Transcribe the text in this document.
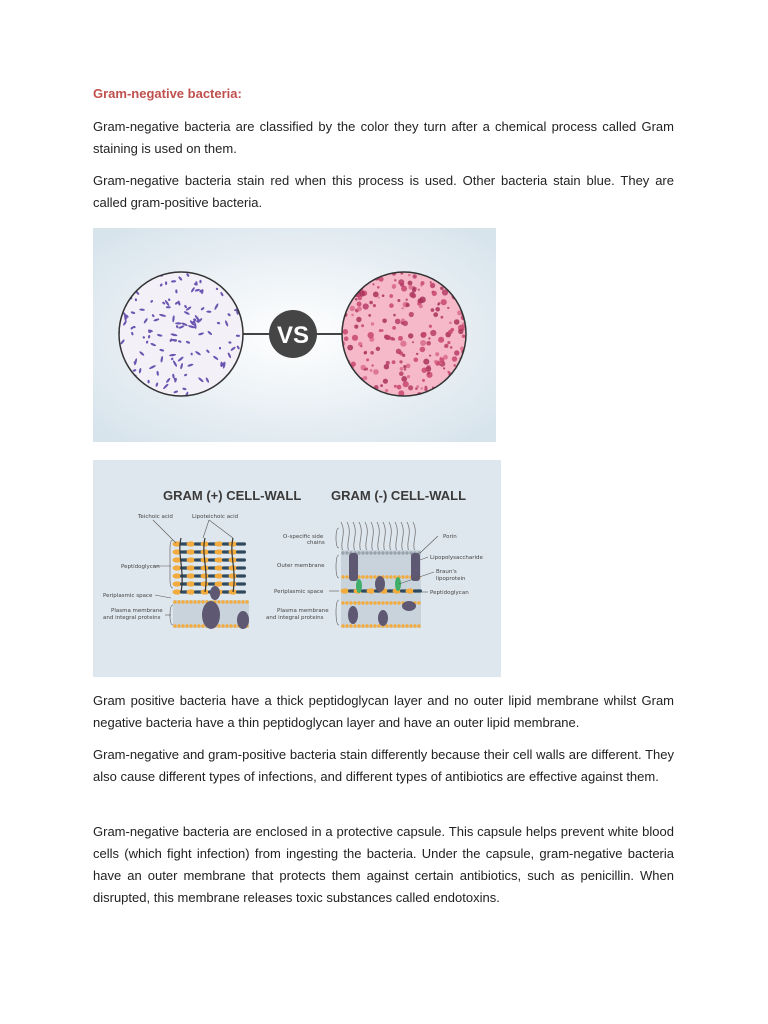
Gram-negative bacteria:

Gram-negative bacteria are classified by the color they turn after a chemical process called Gram staining is used on them.

Gram-negative bacteria stain red when this process is used. Other bacteria stain blue. They are called gram-positive bacteria.

VS
GRAM (+) CELL-WALL GRAM (-) CELL-WALL
Teichoic acid	Lipoteichoic acid
Peptidoglycan
Periplasmic space
Plasma membrane
and integral proteins
O-specific side
chains
Outer membrane
Periplasmic space
Plasma membrane
and integral proteins
Porin
Lipopolysaccharide
Braun's
lipoprotein
Peptidoglycan

Gram positive bacteria have a thick peptidoglycan layer and no outer lipid membrane whilst Gram negative bacteria have a thin peptidoglycan layer and have an outer lipid membrane.

Gram-negative and gram-positive bacteria stain differently because their cell walls are different. They also cause different types of infections, and different types of antibiotics are effective against them.

Gram-negative bacteria are enclosed in a protective capsule. This capsule helps prevent white blood cells (which fight infection) from ingesting the bacteria. Under the capsule, gram-negative bacteria have an outer membrane that protects them against certain antibiotics, such as penicillin. When disrupted, this membrane releases toxic substances called endotoxins.
